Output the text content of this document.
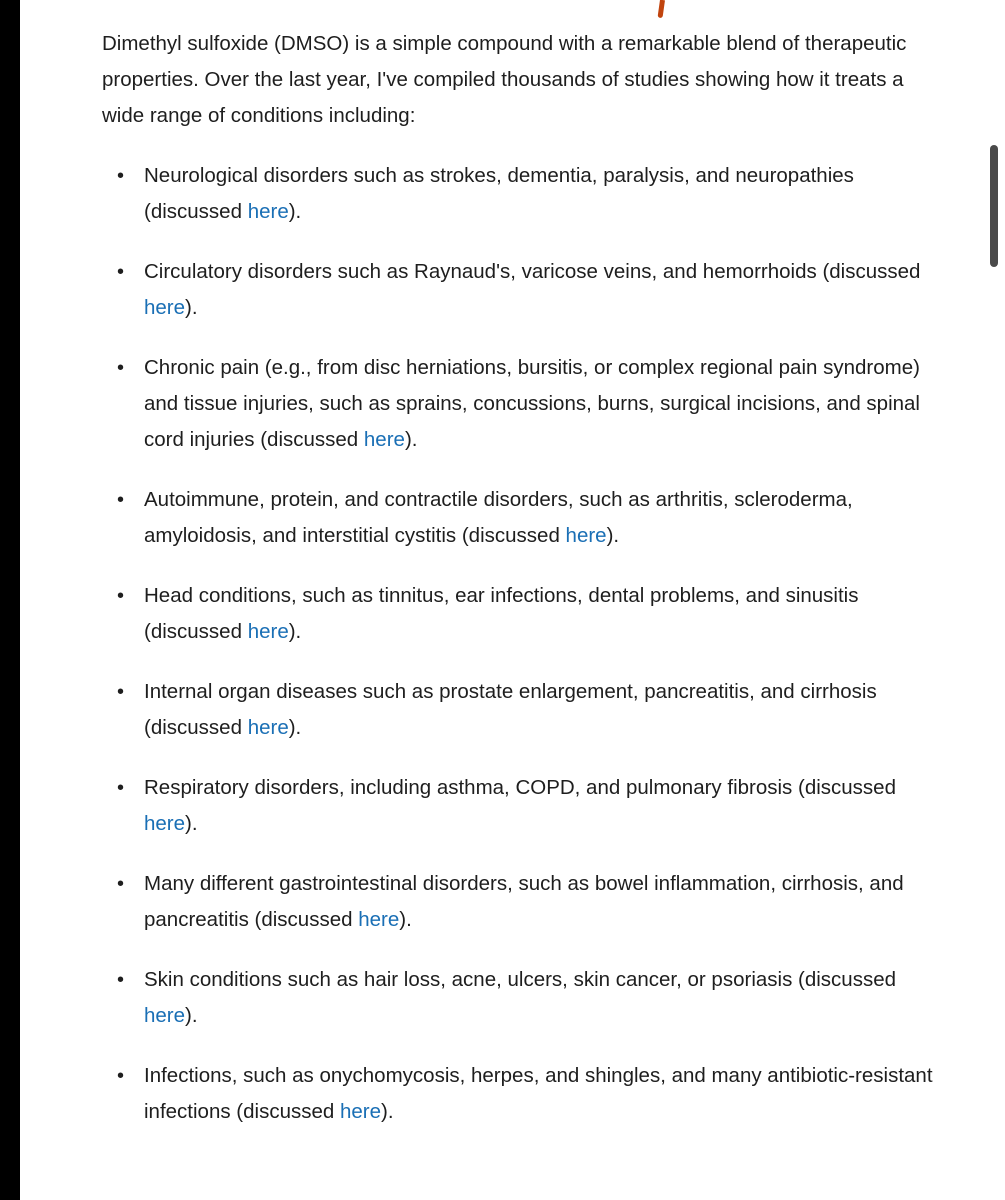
Dimethyl sulfoxide (DMSO) is a simple compound with a remarkable blend of therapeutic properties. Over the last year, I've compiled thousands of studies showing how it treats a wide range of conditions including:

• Neurological disorders such as strokes, dementia, paralysis, and neuropathies (discussed here).
• Circulatory disorders such as Raynaud's, varicose veins, and hemorrhoids (discussed here).
• Chronic pain (e.g., from disc herniations, bursitis, or complex regional pain syndrome) and tissue injuries, such as sprains, concussions, burns, surgical incisions, and spinal cord injuries (discussed here).
• Autoimmune, protein, and contractile disorders, such as arthritis, scleroderma, amyloidosis, and interstitial cystitis (discussed here).
• Head conditions, such as tinnitus, ear infections, dental problems, and sinusitis (discussed here).
• Internal organ diseases such as prostate enlargement, pancreatitis, and cirrhosis (discussed here).
• Respiratory disorders, including asthma, COPD, and pulmonary fibrosis (discussed here).
• Many different gastrointestinal disorders, such as bowel inflammation, cirrhosis, and pancreatitis (discussed here).
• Skin conditions such as hair loss, acne, ulcers, skin cancer, or psoriasis (discussed here).
• Infections, such as onychomycosis, herpes, and shingles, and many antibiotic-resistant infections (discussed here).
